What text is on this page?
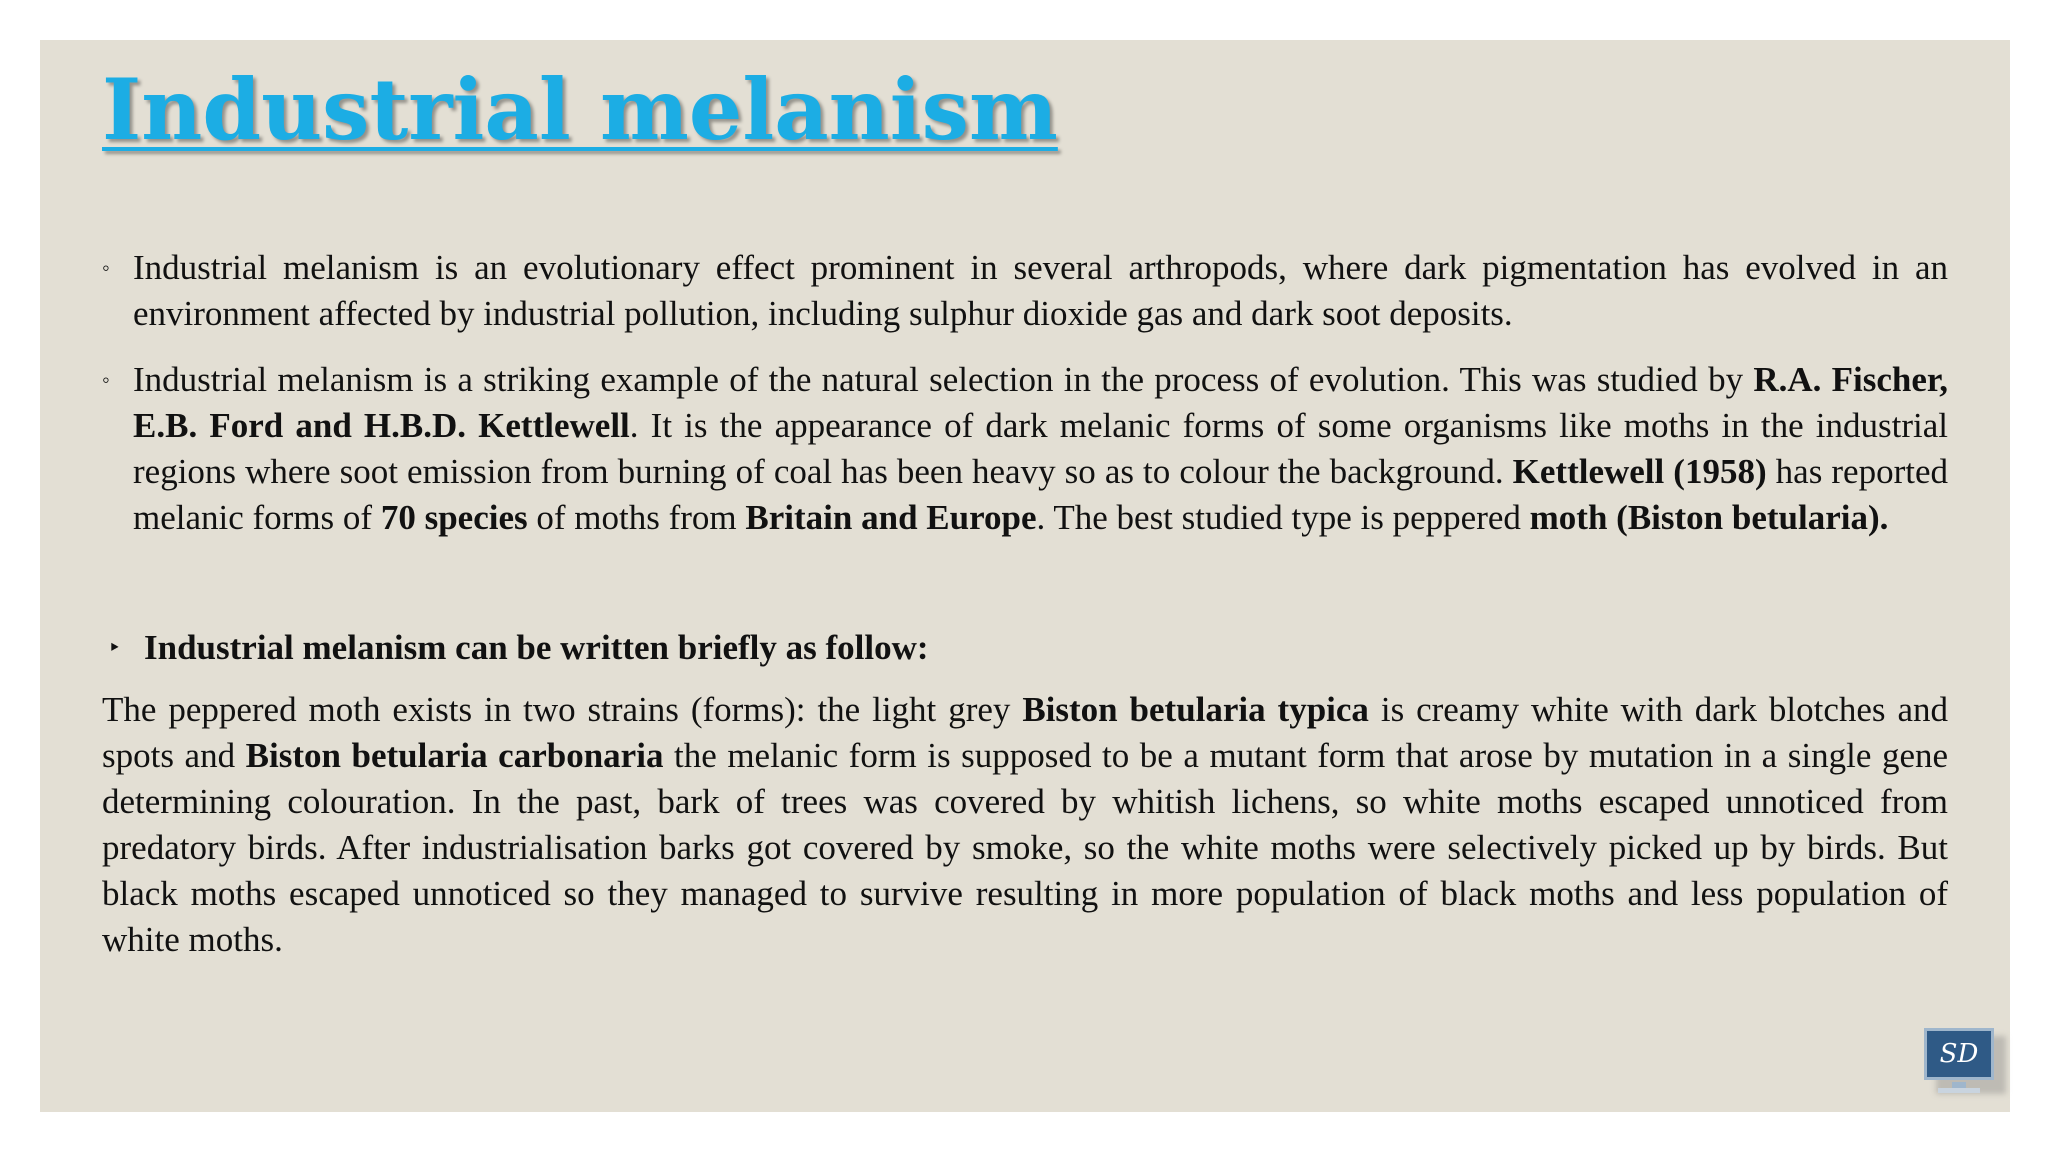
Industrial melanism
◦ Industrial melanism is an evolutionary effect prominent in several arthropods, where dark pigmentation has evolved in an environment affected by industrial pollution, including sulphur dioxide gas and dark soot deposits.
◦ Industrial melanism is a striking example of the natural selection in the process of evolution. This was studied by R.A. Fischer, E.B. Ford and H.B.D. Kettlewell. It is the appearance of dark melanic forms of some organisms like moths in the industrial regions where soot emission from burning of coal has been heavy so as to colour the background. Kettlewell (1958) has reported melanic forms of 70 species of moths from Britain and Europe. The best studied type is peppered moth (Biston betularia).
‣ Industrial melanism can be written briefly as follow:

The peppered moth exists in two strains (forms): the light grey Biston betularia typica is creamy white with dark blotches and spots and Biston betularia carbonaria the melanic form is supposed to be a mutant form that arose by mutation in a single gene determining colouration. In the past, bark of trees was covered by whitish lichens, so white moths escaped unnoticed from predatory birds. After industrialisation barks got covered by smoke, so the white moths were selectively picked up by birds. But black moths escaped unnoticed so they managed to survive resulting in more population of black moths and less population of white moths.

SD
